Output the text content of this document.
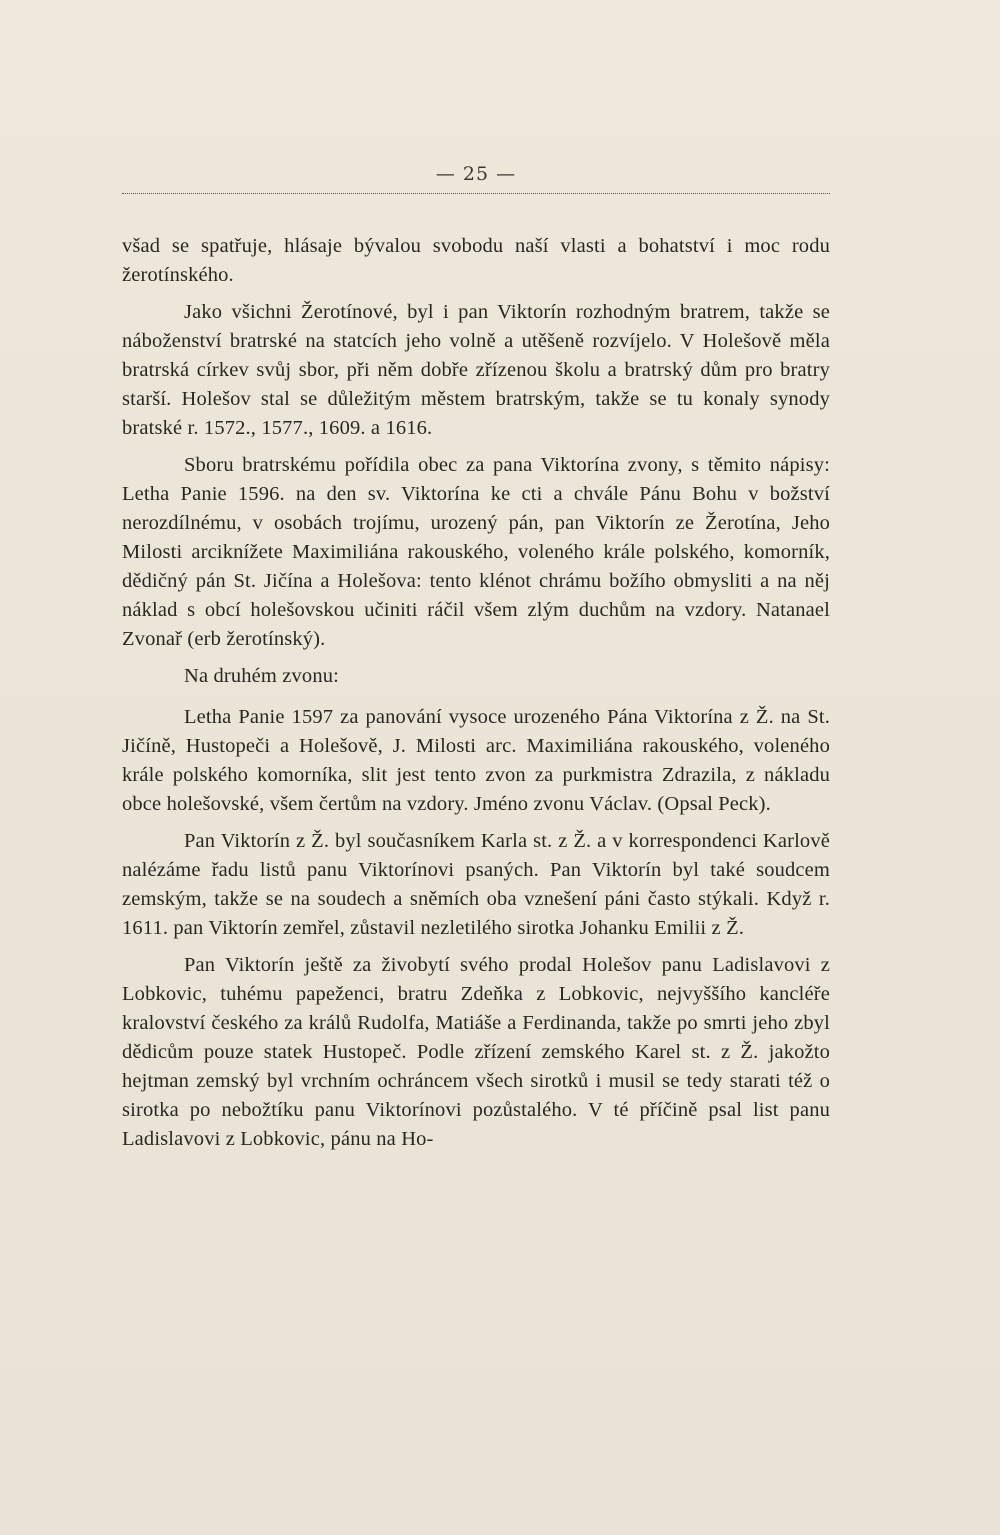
— 25 —

všad se spatřuje, hlásaje bývalou svobodu naší vlasti a bohatství i moc rodu žerotínského.

Jako všichni Žerotínové, byl i pan Viktorín rozhodným bratrem, takže se náboženství bratrské na statcích jeho volně a utěšeně rozvíjelo. V Holešově měla bratrská církev svůj sbor, při něm dobře zřízenou školu a bratrský dům pro bratry starší. Holešov stal se důležitým městem bratrským, takže se tu konaly synody bratské r. 1572., 1577., 1609. a 1616.

Sboru bratrskému pořídila obec za pana Viktorína zvony, s těmito nápisy: Letha Panie 1596. na den sv. Viktorína ke cti a chvále Pánu Bohu v božství nerozdílnému, v osobách trojímu, urozený pán, pan Viktorín ze Žerotína, Jeho Milosti arciknížete Maximiliána rakouského, voleného krále polského, komorník, dědičný pán St. Jičína a Holešova: tento klénot chrámu božího obmysliti a na něj náklad s obcí holešovskou učiniti ráčil všem zlým duchům na vzdory. Natanael Zvonař (erb žerotínský).

Na druhém zvonu:

Letha Panie 1597 za panování vysoce urozeného Pána Viktorína z Ž. na St. Jičíně, Hustopeči a Holešově, J. Milosti arc. Maximiliána rakouského, voleného krále polského komorníka, slit jest tento zvon za purkmistra Zdrazila, z nákladu obce holešovské, všem čertům na vzdory. Jméno zvonu Václav. (Opsal Peck).

Pan Viktorín z Ž. byl současníkem Karla st. z Ž. a v korrespondenci Karlově nalézáme řadu listů panu Viktorínovi psaných. Pan Viktorín byl také soudcem zemským, takže se na soudech a sněmích oba vznešení páni často stýkali. Když r. 1611. pan Viktorín zemřel, zůstavil nezletilého sirotka Johanku Emilii z Ž.

Pan Viktorín ještě za živobytí svého prodal Holešov panu Ladislavovi z Lobkovic, tuhému papeženci, bratru Zdeňka z Lobkovic, nejvyššího kancléře kralovství českého za králů Rudolfa, Matiáše a Ferdinanda, takže po smrti jeho zbyl dědicům pouze statek Hustopeč. Podle zřízení zemského Karel st. z Ž. jakožto hejtman zemský byl vrchním ochráncem všech sirotků i musil se tedy starati též o sirotka po nebožtíku panu Viktorínovi pozůstalého. V té příčině psal list panu Ladislavovi z Lobkovic, pánu na Ho-
